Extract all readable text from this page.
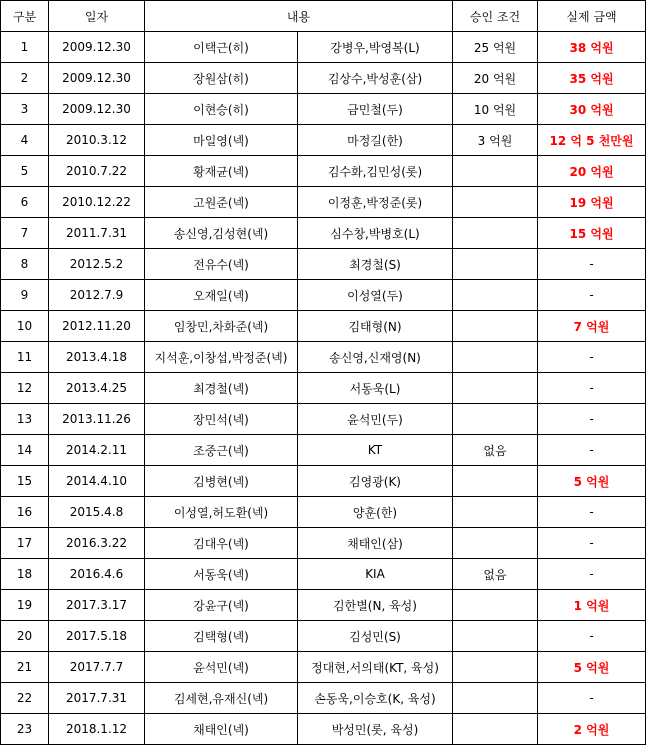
구분	일자	내용		승인 조건	실제 금액
1	2009.12.30	이택근(히)	강병우,박영복(L)	25 억원	38 억원
2	2009.12.30	장원삼(히)	김상수,박성훈(삼)	20 억원	35 억원
3	2009.12.30	이현승(히)	금민철(두)	10 억원	30 억원
4	2010.3.12	마일영(넥)	마정길(한)	3 억원	12 억 5 천만원
5	2010.7.22	황재균(넥)	김수화,김민성(롯)		20 억원
6	2010.12.22	고원준(넥)	이정훈,박정준(롯)		19 억원
7	2011.7.31	송신영,김성현(넥)	심수창,박병호(L)		15 억원
8	2012.5.2	전유수(넥)	최경철(S)		-
9	2012.7.9	오재일(넥)	이성열(두)		-
10	2012.11.20	임창민,차화준(넥)	김태형(N)		7 억원
11	2013.4.18	지석훈,이창섭,박정준(넥)	송신영,신재영(N)		-
12	2013.4.25	최경철(넥)	서동욱(L)		-
13	2013.11.26	장민석(넥)	윤석민(두)		-
14	2014.2.11	조중근(넥)	KT	없음	-
15	2014.4.10	김병현(넥)	김영광(K)		5 억원
16	2015.4.8	이성열,허도환(넥)	양훈(한)		-
17	2016.3.22	김대우(넥)	채태인(삼)		-
18	2016.4.6	서동욱(넥)	KIA	없음	-
19	2017.3.17	강윤구(넥)	김한별(N, 육성)		1 억원
20	2017.5.18	김택형(넥)	김성민(S)		-
21	2017.7.7	윤석민(넥)	정대현,서의태(KT, 육성)		5 억원
22	2017.7.31	김세현,유재신(넥)	손동욱,이승호(K, 육성)		-
23	2018.1.12	채태인(넥)	박성민(롯, 육성)		2 억원
